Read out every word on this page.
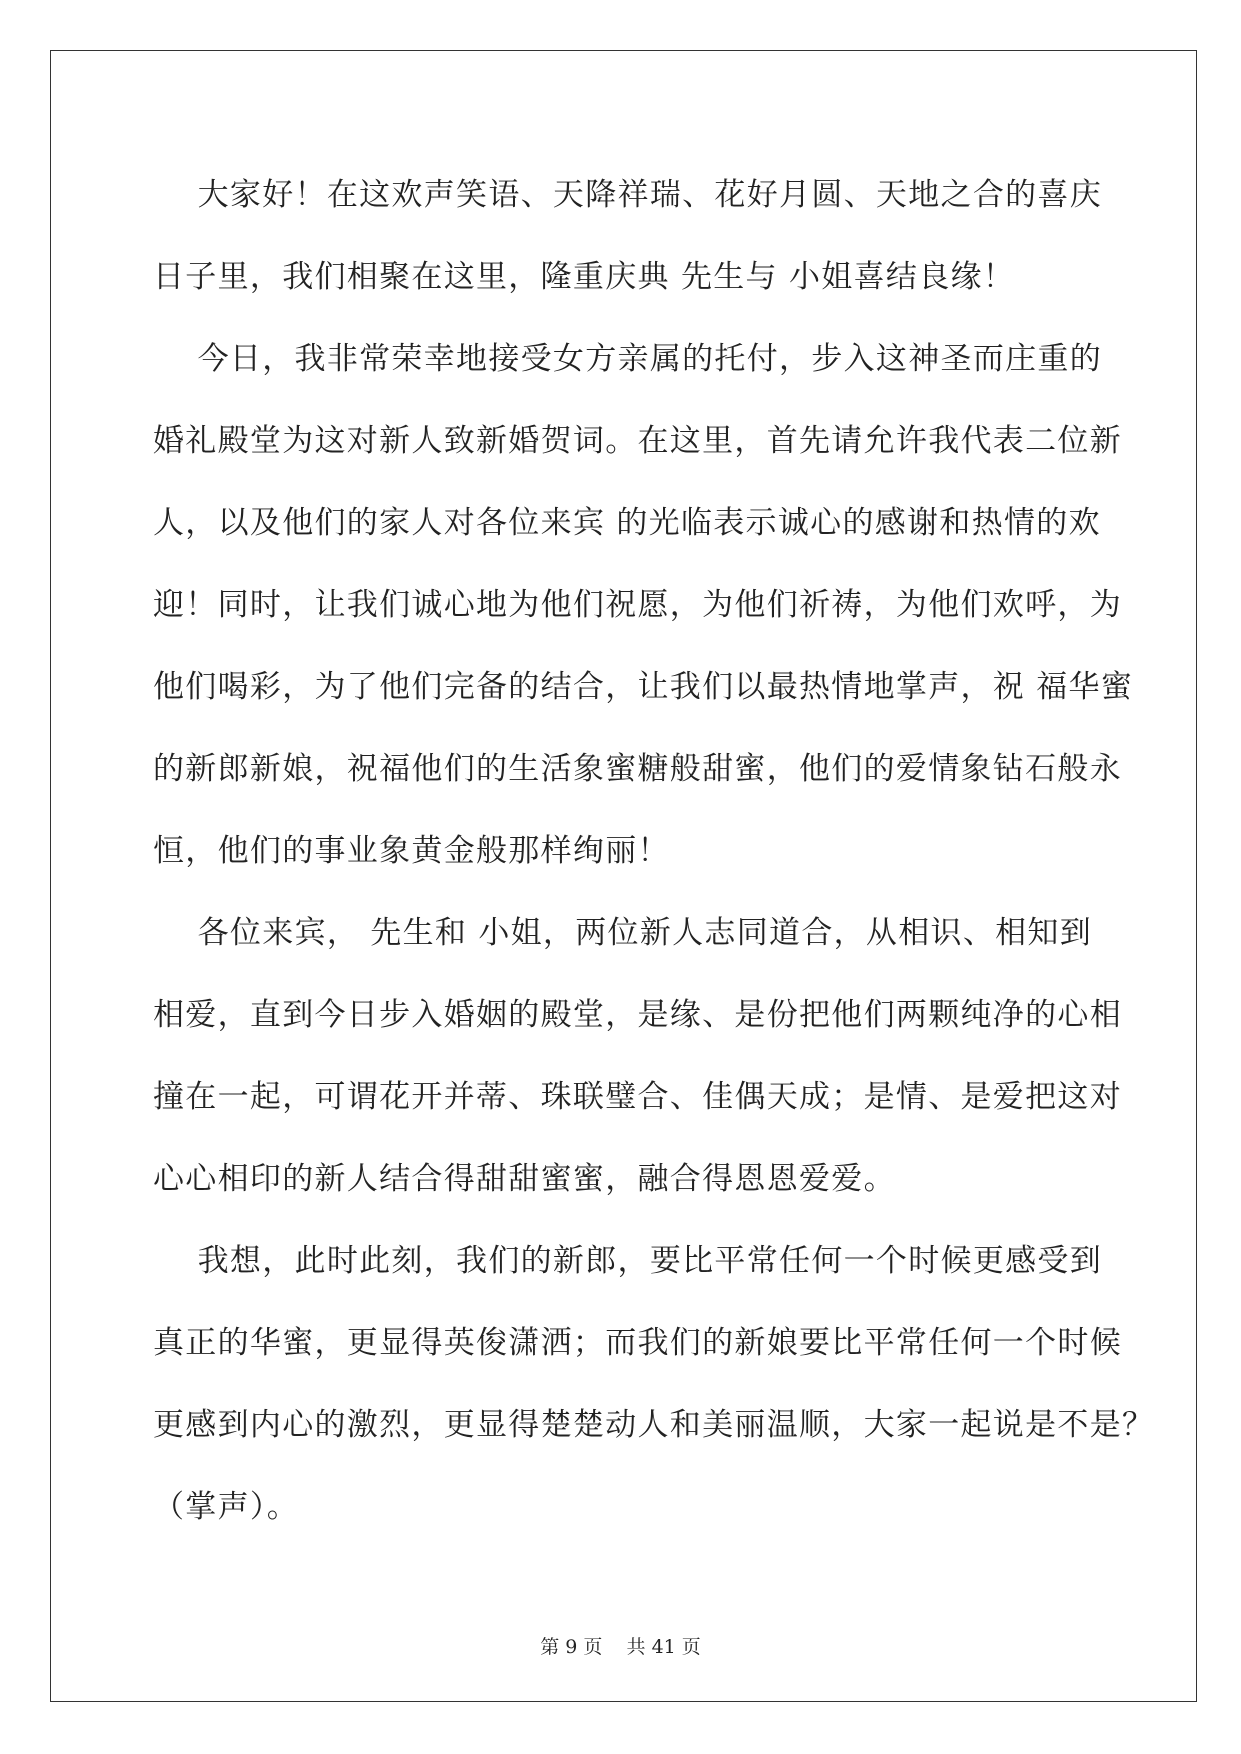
大家好！在这欢声笑语、天降祥瑞、花好月圆、天地之合的喜庆
日子里，我们相聚在这里，隆重庆典 先生与 小姐喜结良缘！
今日，我非常荣幸地接受女方亲属的托付，步入这神圣而庄重的
婚礼殿堂为这对新人致新婚贺词。在这里，首先请允许我代表二位新
人，以及他们的家人对各位来宾 的光临表示诚心的感谢和热情的欢
迎！同时，让我们诚心地为他们祝愿，为他们祈祷，为他们欢呼，为
他们喝彩，为了他们完备的结合，让我们以最热情地掌声，祝 福华蜜
的新郎新娘，祝福他们的生活象蜜糖般甜蜜，他们的爱情象钻石般永
恒，他们的事业象黄金般那样绚丽！
各位来宾， 先生和 小姐，两位新人志同道合，从相识、相知到
相爱，直到今日步入婚姻的殿堂，是缘、是份把他们两颗纯净的心相
撞在一起，可谓花开并蒂、珠联璧合、佳偶天成；是情、是爱把这对
心心相印的新人结合得甜甜蜜蜜，融合得恩恩爱爱。
我想，此时此刻，我们的新郎，要比平常任何一个时候更感受到
真正的华蜜，更显得英俊潇洒；而我们的新娘要比平常任何一个时候
更感到内心的激烈，更显得楚楚动人和美丽温顺，大家一起说是不是？
（掌声）。
第 9 页    共 41 页
